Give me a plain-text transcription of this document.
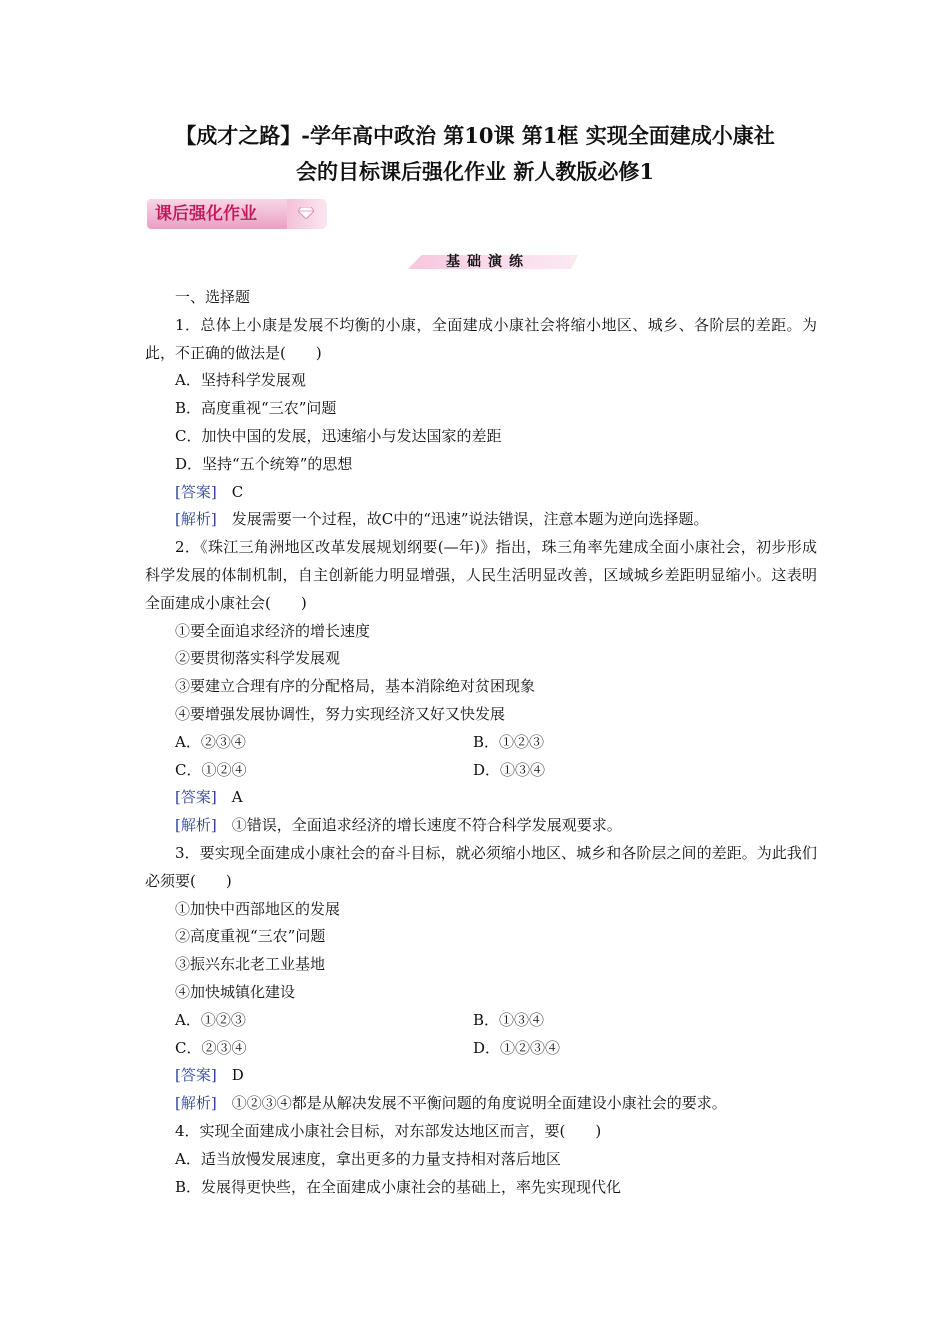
【成才之路】-学年高中政治 第10课 第1框 实现全面建成小康社
会的目标课后强化作业 新人教版必修1
课后强化作业
基础演练
一、选择题
1．总体上小康是发展不均衡的小康，全面建成小康社会将缩小地区、城乡、各阶层的差距。为此，不正确的做法是(　　)
A．坚持科学发展观
B．高度重视“三农”问题
C．加快中国的发展，迅速缩小与发达国家的差距
D．坚持“五个统筹”的思想
[答案]　 C
[解析]　 发展需要一个过程，故C中的“迅速”说法错误，注意本题为逆向选择题。
2．《珠江三角洲地区改革发展规划纲要(—年)》指出，珠三角率先建成全面小康社会，初步形成科学发展的体制机制，自主创新能力明显增强，人民生活明显改善，区域城乡差距明显缩小。这表明全面建成小康社会(　　)
①要全面追求经济的增长速度
②要贯彻落实科学发展观
③要建立合理有序的分配格局，基本消除绝对贫困现象
④要增强发展协调性，努力实现经济又好又快发展
A．②③④	B．①②③
C．①②④	D．①③④
[答案]　 A
[解析]　 ①错误，全面追求经济的增长速度不符合科学发展观要求。
3．要实现全面建成小康社会的奋斗目标，就必须缩小地区、城乡和各阶层之间的差距。为此我们必须要(　　)
①加快中西部地区的发展
②高度重视“三农”问题
③振兴东北老工业基地
④加快城镇化建设
A．①②③	B．①③④
C．②③④	D．①②③④
[答案]　 D
[解析]　 ①②③④都是从解决发展不平衡问题的角度说明全面建设小康社会的要求。
4．实现全面建成小康社会目标，对东部发达地区而言，要(　　)
A．适当放慢发展速度，拿出更多的力量支持相对落后地区
B．发展得更快些，在全面建成小康社会的基础上，率先实现现代化
